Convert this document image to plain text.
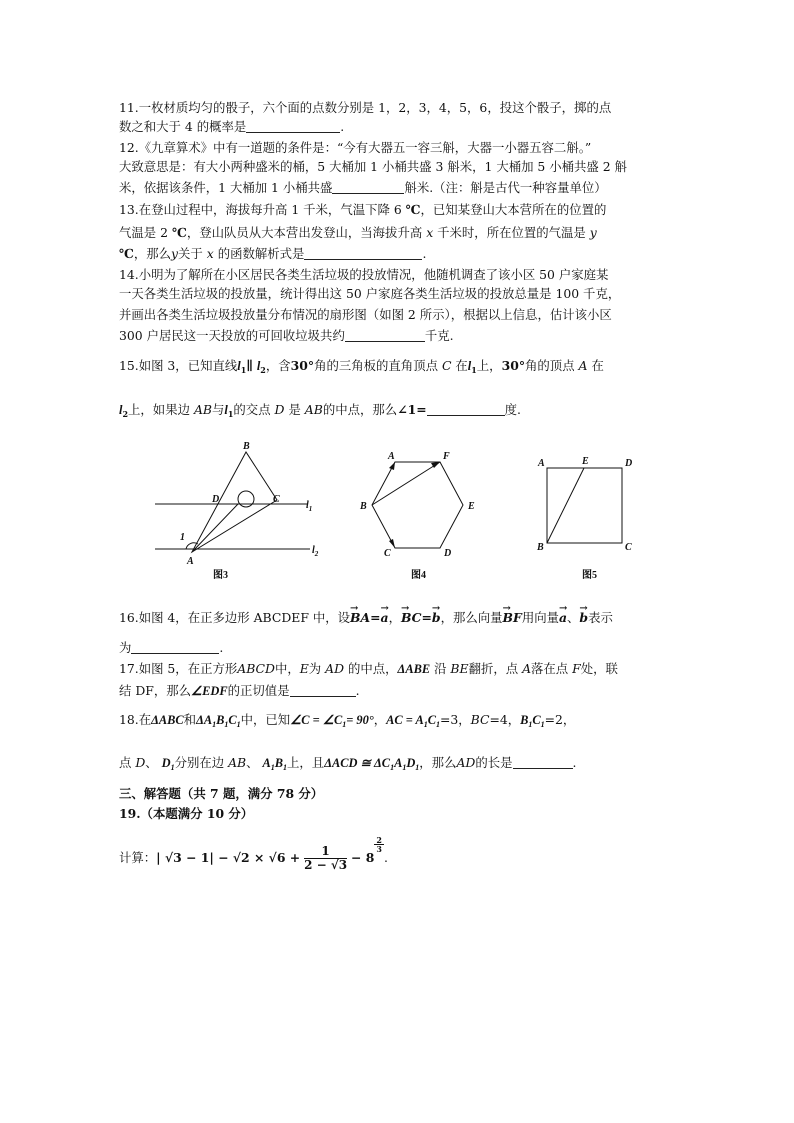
11.一枚材质均匀的骰子，六个面的点数分别是 1，2，3，4，5，6，投这个骰子，掷的点
数之和大于 4 的概率是	.
12.《九章算术》中有一道题的条件是：“今有大器五一容三斛，大器一小器五容二斛。”
大致意思是：有大小两种盛米的桶，5 大桶加 1 小桶共盛 3 斛米，1 大桶加 5 小桶共盛 2 斛
米，依据该条件，1 大桶加 1 小桶共盛	斛米.（注：斛是古代一种容量单位）
13.在登山过程中，海拔每升高 1 千米，气温下降 6 ℃，已知某登山大本营所在的位置的
气温是 2 ℃，登山队员从大本营出发登山，当海拔升高 x 千米时，所在位置的气温是 y
℃，那么y关于 x 的函数解析式是	.
14.小明为了解所在小区居民各类生活垃圾的投放情况，他随机调查了该小区 50 户家庭某
一天各类生活垃圾的投放量，统计得出这 50 户家庭各类生活垃圾的投放总量是 100 千克，
并画出各类生活垃圾投放量分布情况的扇形图（如图 2 所示），根据以上信息，估计该小区
300 户居民这一天投放的可回收垃圾共约	千克.
15.如图 3，已知直线$l_1\parallel$ $l_2$，含30°角的三角板的直角顶点 C 在$l_1$上，30°角的顶点 A 在
$l_2$上，如果边 AB与$l_1$的交点 D 是 AB的中点，那么∠1=	度.
B
D	C
$l_1$
$l_2$
1
A
图3
A	F
B	E
C	D
图4
A	E	D
B	C
图5
16.如图 4，在正多边形 ABCDEF 中，设→ BA=→ a，→ BC=→ b，那么向量→ BF用向量→ a、→ b表示
为	.
17.如图 5，在正方形ABCD中，E为 AD 的中点，ΔABE 沿 BE翻折，点 A落在点 F处，联
结 DF，那么∠EDF的正切值是	.
18.在ΔABC和$\Delta A_1B_1C_1$中，已知∠C = $\angle C_1= 90^\circ$，AC = $A_1C_1=3$，BC=4，$B_1C_1=2$，
点 D、 $D_1$分别在边 AB、 $A_1B_1$上，且ΔACD ≅ $\Delta C_1A_1D_1$，那么AD的长是	.
三、解答题（共 7 题，满分 78 分）
19.（本题满分 10 分）
计算：| $√3 - 1| - √2 \times √6 + \frac{1}{2 - √3} - 8$
$\frac{2}{3}$
.
